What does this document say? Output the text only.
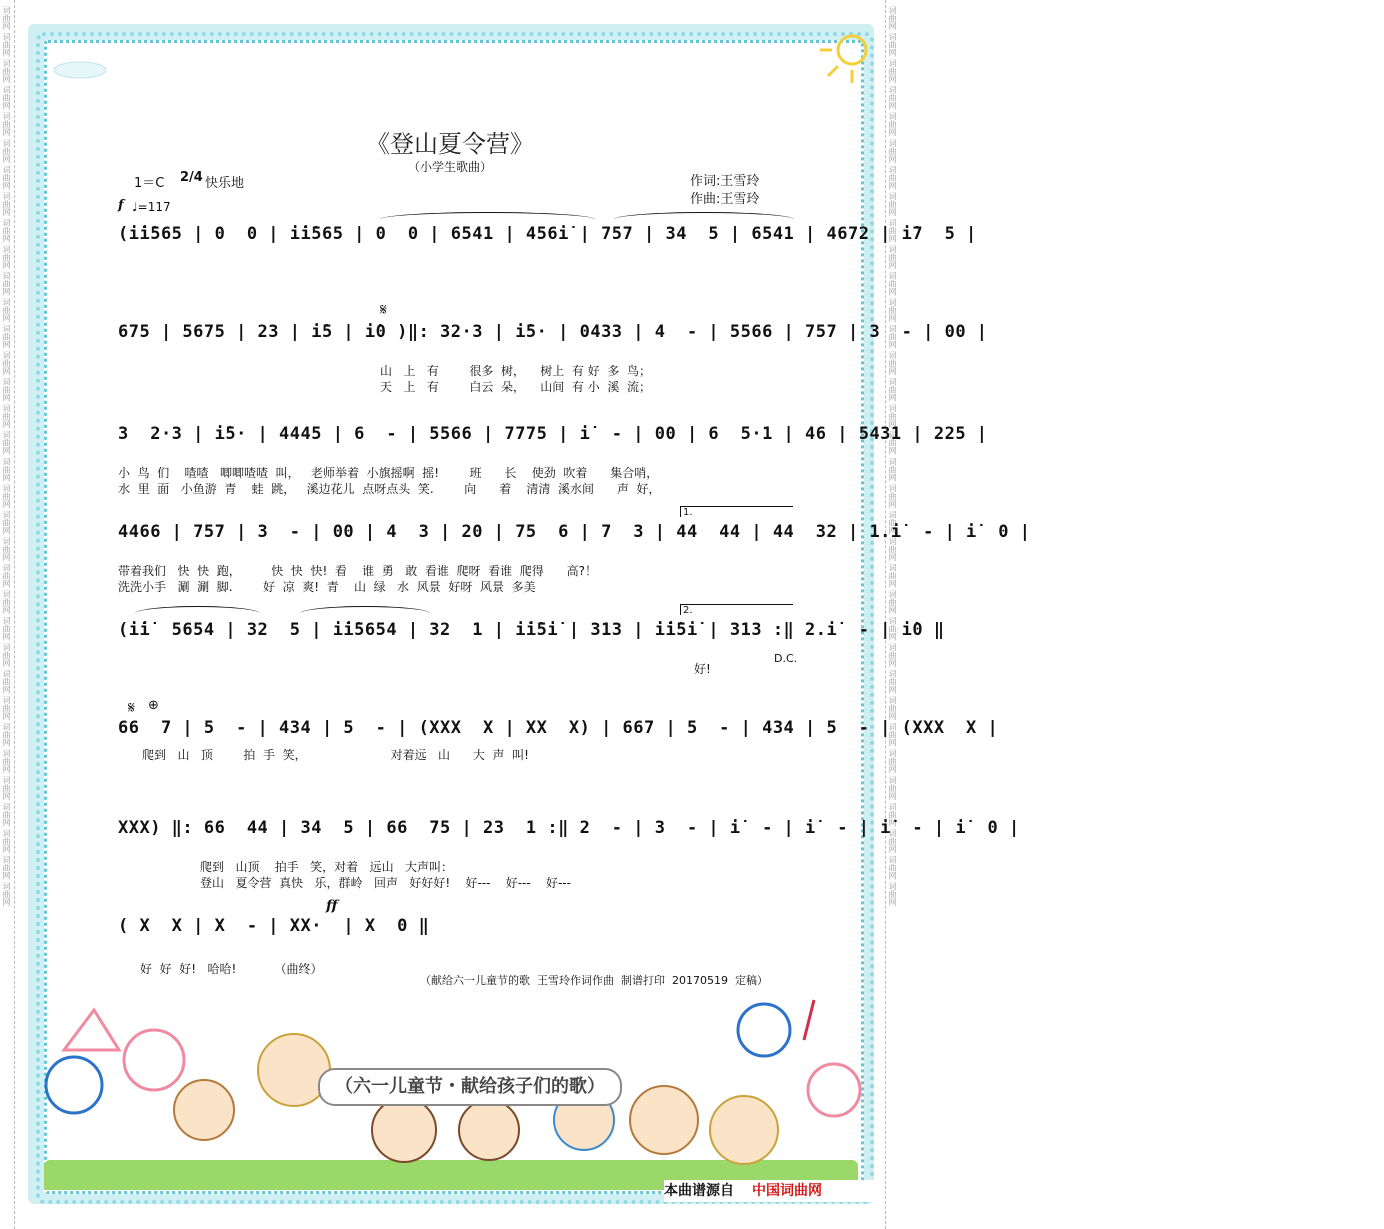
词曲网 词曲网 词曲网 词曲网 词曲网 词曲网 词曲网 词曲网 词曲网 词曲网 词曲网 词曲网 词曲网 词曲网 词曲网 词曲网 词曲网 词曲网 词曲网 词曲网 词曲网 词曲网 词曲网 词曲网 词曲网 词曲网 词曲网 词曲网 词曲网 词曲网 词曲网 词曲网 词曲网 词曲网	词曲网 词曲网 词曲网 词曲网 词曲网 词曲网 词曲网 词曲网 词曲网 词曲网 词曲网 词曲网 词曲网 词曲网 词曲网 词曲网 词曲网 词曲网 词曲网 词曲网 词曲网 词曲网 词曲网 词曲网 词曲网 词曲网 词曲网 词曲网 词曲网 词曲网 词曲网 词曲网 词曲网 词曲网
《登山夏令营》
（小学生歌曲）
1＝C 2/4 快乐地
f ♩=117
作词:王雪玲
作曲:王雪玲
(i̇i̇565 | 0  0 | i̇i̇565 | 0  0 | 6541 | 456i̇ | 757 | 34  5 | 6541 | 4672 | i̇7  5 |
675 | 5675 | 23 | i̇5 | i̇0 )‖: 32·3 | i̇5· | 0433 | 4  - | 5566 | 757 | 3  - | 00 |
3  2·3 | i̇5· | 4445 | 6  - | 5566 | 7775 | i̇  - | 00 | 6  5·1 | 46 | 5431 | 225 |
4466 | 757 | 3  - | 00 | 4  3 | 20 | 75  6 | 7  3 | 44  44 | 44  32 | 1.i̇  - | i̇  0 |
(i̇i̇  5654 | 32  5 | i̇i̇5654 | 32  1 | i̇i̇5i̇ | 313 | i̇i̇5i̇ | 313 :‖ 2.i̇  - | i̇0 ‖
66  7 | 5  - | 434 | 5  - | (XXX  X | XX  X) | 667 | 5  - | 434 | 5  - | (XXX  X |
XXX) ‖: 66  44 | 34  5 | 66  75 | 23  1 :‖ 2  - | 3  - | i̇  - | i̇  - | i̇  - | i̇  0 |
( X  X | X  - | XX·  | X  0 ‖
1.
2.
𝄋
𝄋 ⊕
D.C.
ff
山   上   有        很多  树，    树上  有 好  多  鸟；
天   上   有        白云  朵，    山间  有 小  溪  流；
小  鸟  们    喳喳   唧唧喳喳  叫，   老师举着  小旗摇啊  摇!        班      长    使劲  吹着      集合哨，
水  里  面   小鱼游  青    蛙  跳，   溪边花儿  点呀点头  笑.        向      着    清清  溪水间      声  好，
带着我们   快  快  跑，        快  快  快!  看    谁  勇   敢  看谁  爬呀  看谁  爬得      高?！
洗洗小手   涮  涮  脚.        好  凉  爽!  青    山  绿   水  风景  好呀  风景  多美
好!
爬到   山   顶        拍  手  笑，                      对着远   山      大  声  叫!
爬到   山顶    拍手   笑，对着   远山   大声叫：
登山   夏令营  真快   乐，群岭   回声   好好好!    好---    好---    好---
好  好  好!   哈哈!          （曲终）
（献给六一儿童节的歌  王雪玲作词作曲  制谱打印  20170519  定稿）
（六一儿童节・献给孩子们的歌）
本曲谱源自 中国词曲网
